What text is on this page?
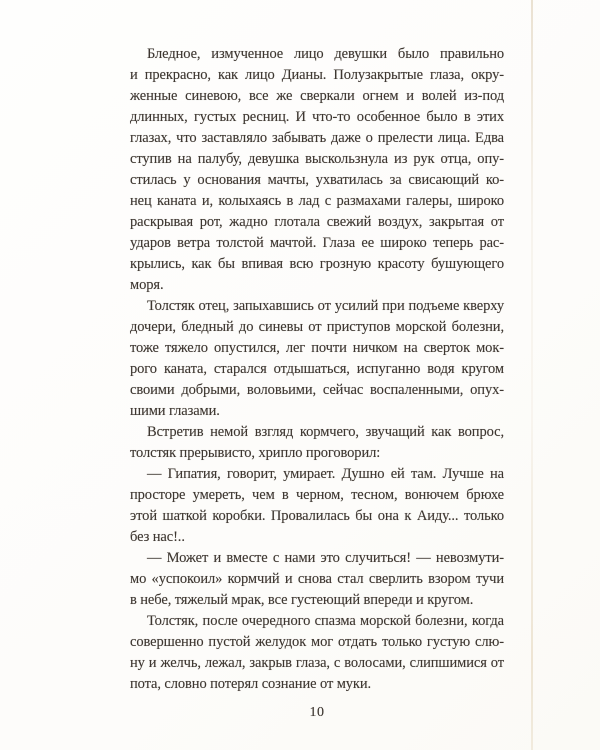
Бледное, измученное лицо девушки было правильно
и прекрасно, как лицо Дианы. Полузакрытые глаза, окру-
женные синевою, все же сверкали огнем и волей из-под
длинных, густых ресниц. И что-то особенное было в этих
глазах, что заставляло забывать даже о прелести лица. Едва
ступив на палубу, девушка выскользнула из рук отца, опу-
стилась у основания мачты, ухватилась за свисающий ко-
нец каната и, колыхаясь в лад с размахами галеры, широко
раскрывая рот, жадно глотала свежий воздух, закрытая от
ударов ветра толстой мачтой. Глаза ее широко теперь рас-
крылись, как бы впивая всю грозную красоту бушующего
моря.
Толстяк отец, запыхавшись от усилий при подъеме кверху
дочери, бледный до синевы от приступов морской болезни,
тоже тяжело опустился, лег почти ничком на сверток мок-
рого каната, старался отдышаться, испуганно водя кругом
своими добрыми, воловьими, сейчас воспаленными, опух-
шими глазами.
Встретив немой взгляд кормчего, звучащий как вопрос,
толстяк прерывисто, хрипло проговорил:
— Гипатия, говорит, умирает. Душно ей там. Лучше на
просторе умереть, чем в черном, тесном, вонючем брюхе
этой шаткой коробки. Провалилась бы она к Аиду... только
без нас!..
— Может и вместе с нами это случиться! — невозмути-
мо «успокоил» кормчий и снова стал сверлить взором тучи
в небе, тяжелый мрак, все густеющий впереди и кругом.
Толстяк, после очередного спазма морской болезни, когда
совершенно пустой желудок мог отдать только густую слю-
ну и желчь, лежал, закрыв глаза, с волосами, слипшимися от
пота, словно потерял сознание от муки.
10
